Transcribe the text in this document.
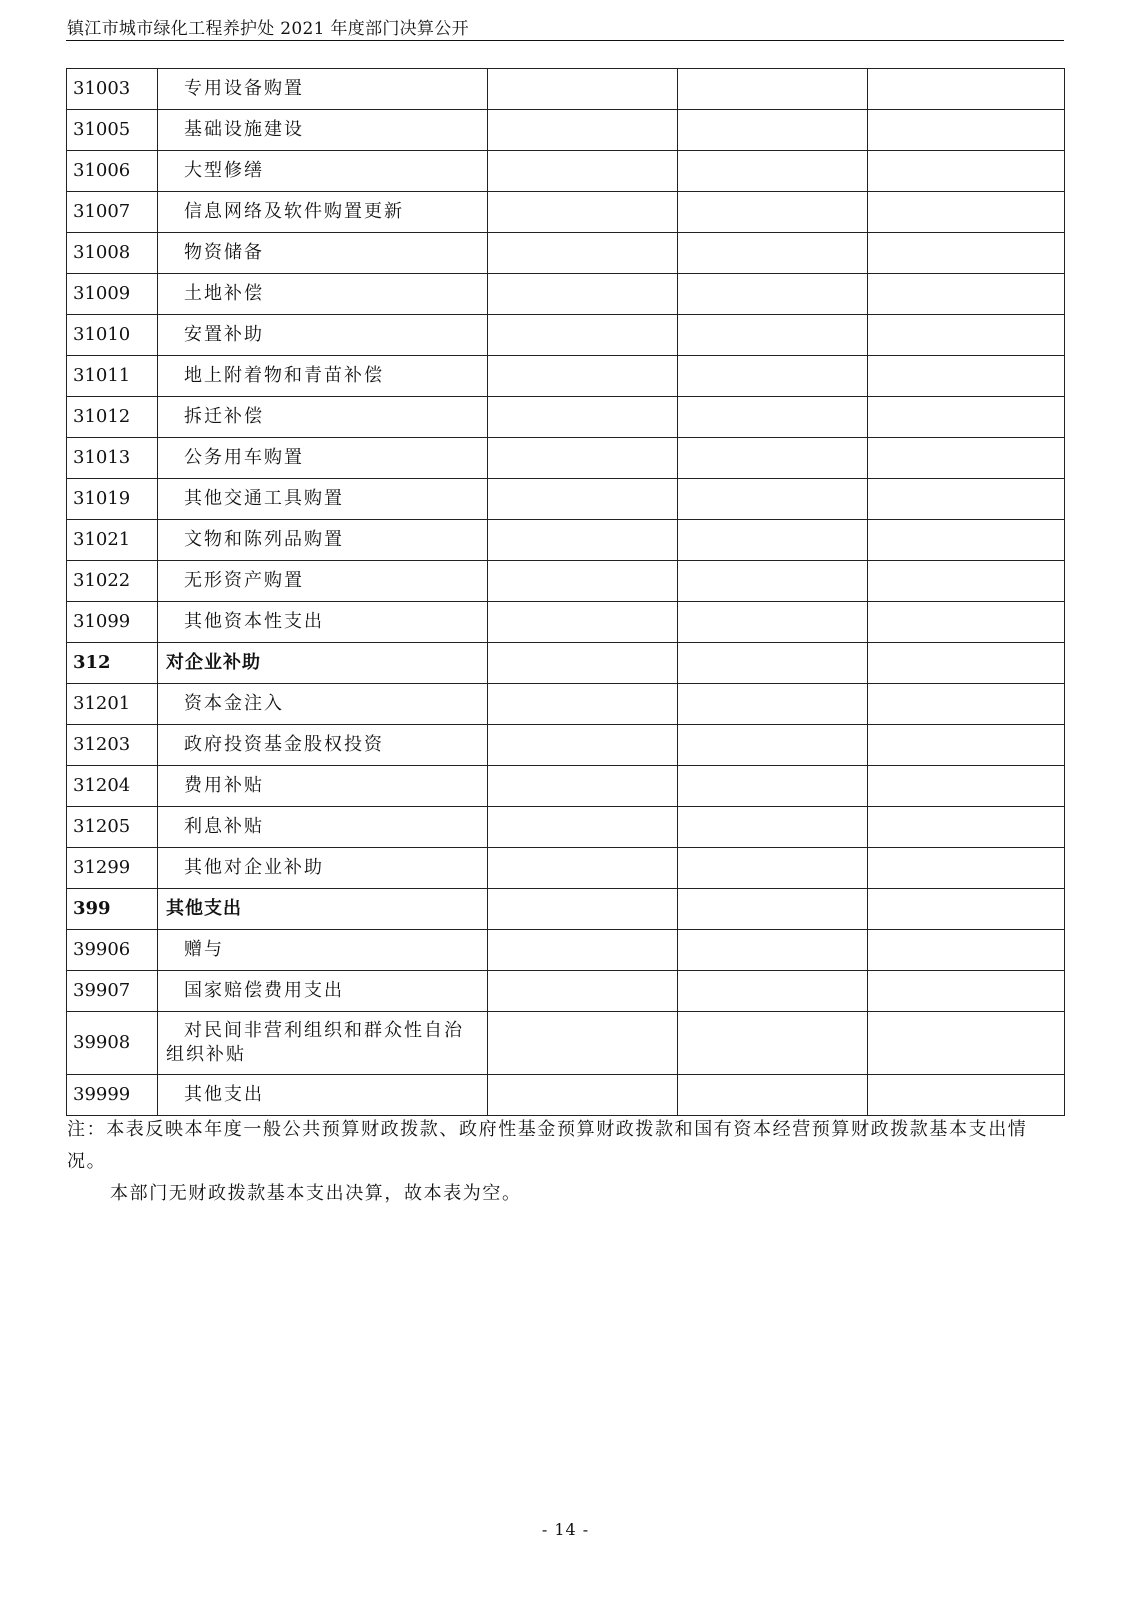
镇江市城市绿化工程养护处 2021 年度部门决算公开
31003	专用设备购置			
31005	基础设施建设			
31006	大型修缮			
31007	信息网络及软件购置更新			
31008	物资储备			
31009	土地补偿			
31010	安置补助			
31011	地上附着物和青苗补偿			
31012	拆迁补偿			
31013	公务用车购置			
31019	其他交通工具购置			
31021	文物和陈列品购置			
31022	无形资产购置			
31099	其他资本性支出			
312	对企业补助			
31201	资本金注入			
31203	政府投资基金股权投资			
31204	费用补贴			
31205	利息补贴			
31299	其他对企业补助			
399	其他支出			
39906	赠与			
39907	国家赔偿费用支出			
39908	对民间非营利组织和群众性自治组织补贴			
39999	其他支出			
注：本表反映本年度一般公共预算财政拨款、政府性基金预算财政拨款和国有资本经营预算财政拨款基本支出情况。
本部门无财政拨款基本支出决算，故本表为空。
- 14 -
